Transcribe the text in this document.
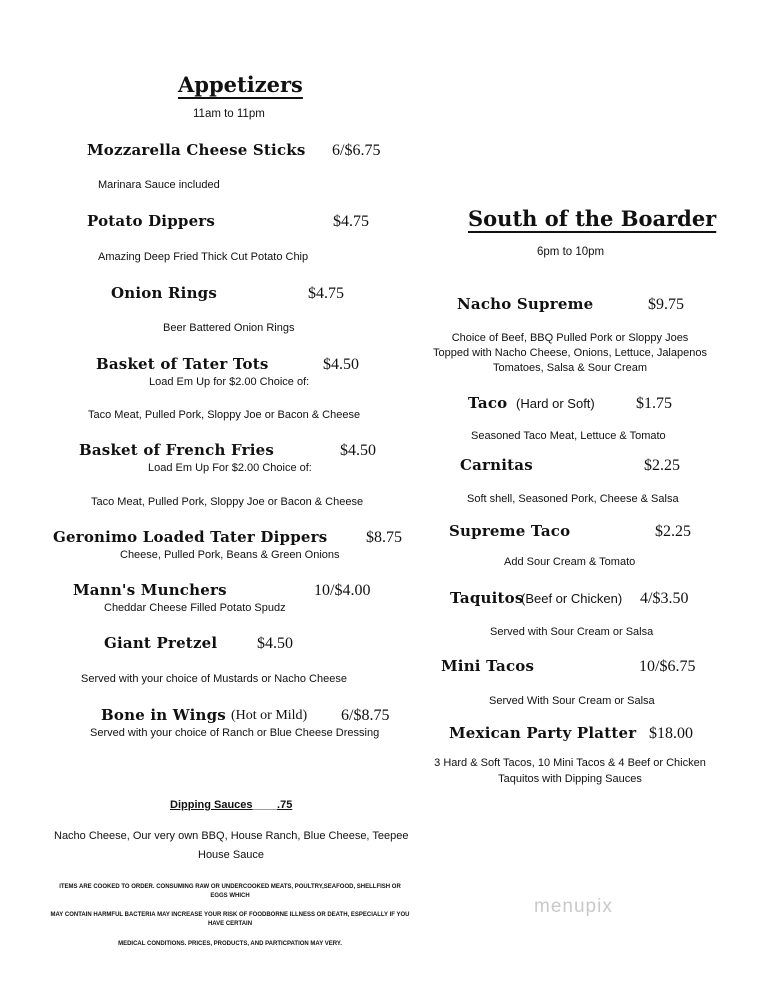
Appetizers
11am to 11pm
Mozzarella Cheese Sticks 6/$6.75
Marinara Sauce included
Potato Dippers	$4.75
Amazing Deep Fried Thick Cut Potato Chip
Onion Rings	$4.75
Beer Battered Onion Rings
Basket of Tater Tots	$4.50
Load Em Up for $2.00 Choice of:
Taco Meat, Pulled Pork, Sloppy Joe or Bacon & Cheese
Basket of French Fries	$4.50
Load Em Up For $2.00 Choice of:
Taco Meat, Pulled Pork, Sloppy Joe or Bacon & Cheese
Geronimo Loaded Tater Dippers $8.75
Cheese, Pulled Pork, Beans & Green Onions
Mann's Munchers	10/$4.00
Cheddar Cheese Filled Potato Spudz
Giant Pretzel $4.50
Served with your choice of Mustards or Nacho Cheese
Bone in Wings (Hot or Mild) 6/$8.75
Served with your choice of Ranch or Blue Cheese Dressing
Dipping Sauces____.75
Nacho Cheese, Our very own BBQ, House Ranch, Blue Cheese, Teepee
House Sauce
ITEMS ARE COOKED TO ORDER. CONSUMING RAW OR UNDERCOOKED MEATS, POULTRY,SEAFOOD, SHELLFISH OR EGGS WHICH
MAY CONTAIN HARMFUL BACTERIA MAY INCREASE YOUR RISK OF FOODBORNE ILLNESS OR DEATH, ESPECIALLY IF YOU HAVE CERTAIN
MEDICAL CONDITIONS. PRICES, PRODUCTS, AND PARTICPATION MAY VERY.
South of the Boarder
6pm to 10pm
Nacho Supreme	$9.75
Choice of Beef, BBQ Pulled Pork or Sloppy Joes
Topped with Nacho Cheese, Onions, Lettuce, Jalapenos
Tomatoes, Salsa & Sour Cream
Taco (Hard or Soft)	$1.75
Seasoned Taco Meat, Lettuce & Tomato
Carnitas	$2.25
Soft shell, Seasoned Pork, Cheese & Salsa
Supreme Taco	$2.25
Add Sour Cream & Tomato
Taquitos
(Beef or Chicken) 4/$3.50
Served with Sour Cream or Salsa
Mini Tacos	10/$6.75
Served With Sour Cream or Salsa
Mexican Party Platter $18.00
3 Hard & Soft Tacos, 10 Mini Tacos & 4 Beef or Chicken
Taquitos with Dipping Sauces
menupix
